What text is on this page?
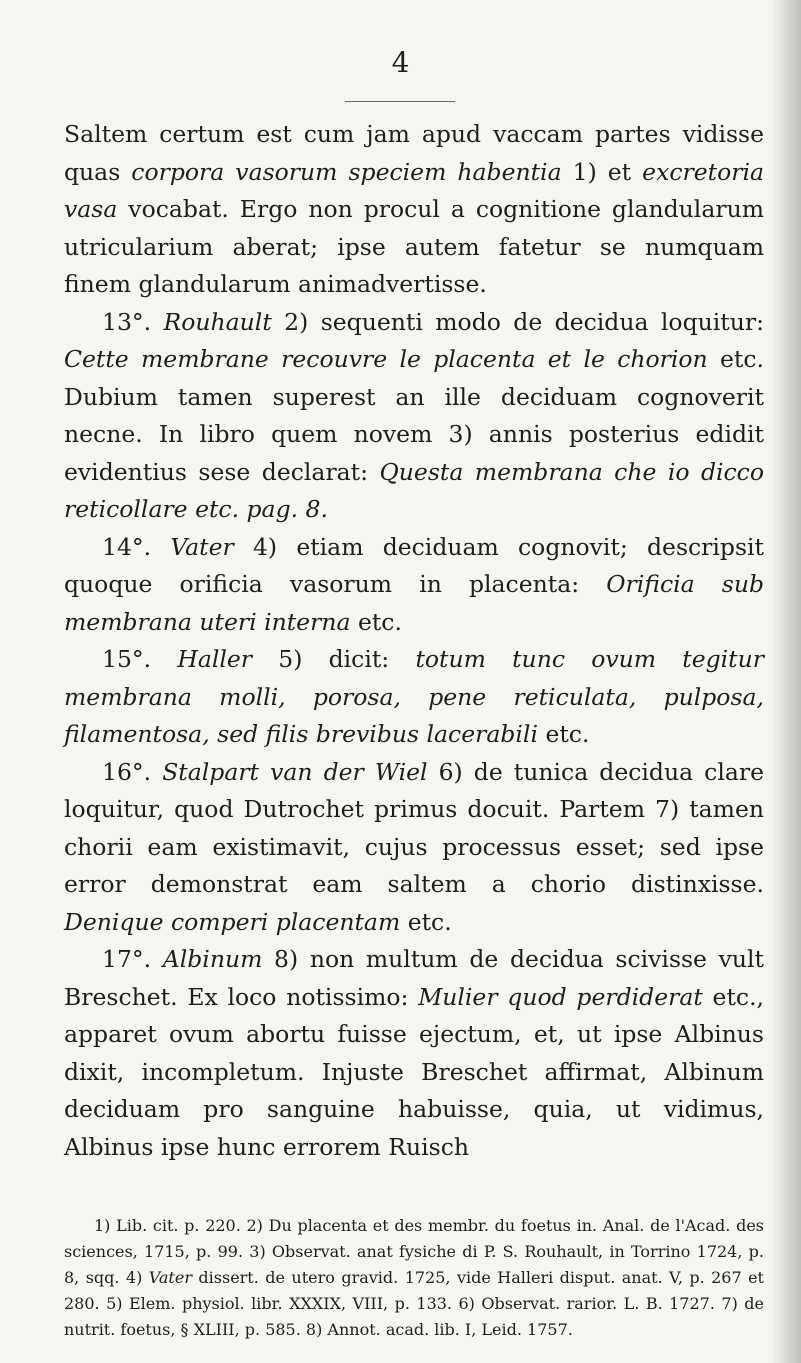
4

Saltem certum est cum jam apud vaccam partes vidisse quas corpora vasorum speciem habentia 1) et excretoria vasa vocabat. Ergo non procul a cognitione glandularum utricularium aberat; ipse autem fatetur se numquam finem glandularum animadvertisse.

13°. Rouhault 2) sequenti modo de decidua loquitur: Cette membrane recouvre le placenta et le chorion etc. Dubium tamen superest an ille deciduam cognoverit necne. In libro quem novem 3) annis posterius edidit evidentius sese declarat: Questa membrana che io dicco reticollare etc. pag. 8.

14°. Vater 4) etiam deciduam cognovit; descripsit quoque orificia vasorum in placenta: Orificia sub membrana uteri interna etc.

15°. Haller 5) dicit: totum tunc ovum tegitur membrana molli, porosa, pene reticulata, pulposa, filamentosa, sed filis brevibus lacerabili etc.

16°. Stalpart van der Wiel 6) de tunica decidua clare loquitur, quod Dutrochet primus docuit. Partem 7) tamen chorii eam existimavit, cujus processus esset; sed ipse error demonstrat eam saltem a chorio distinxisse. Denique comperi placentam etc.

17°. Albinum 8) non multum de decidua scivisse vult Breschet. Ex loco notissimo: Mulier quod perdiderat etc., apparet ovum abortu fuisse ejectum, et, ut ipse Albinus dixit, incompletum. Injuste Breschet affirmat, Albinum deciduam pro sanguine habuisse, quia, ut vidimus, Albinus ipse hunc errorem Ruisch

1) Lib. cit. p. 220. 2) Du placenta et des membr. du foetus in. Anal. de l'Acad. des sciences, 1715, p. 99. 3) Observat. anat fysiche di P. S. Rouhault, in Torrino 1724, p. 8, sqq. 4) Vater dissert. de utero gravid. 1725, vide Halleri disput. anat. V, p. 267 et 280. 5) Elem. physiol. libr. XXXIX, VIII, p. 133. 6) Observat. rarior. L. B. 1727. 7) de nutrit. foetus, § XLIII, p. 585. 8) Annot. acad. lib. I, Leid. 1757.
